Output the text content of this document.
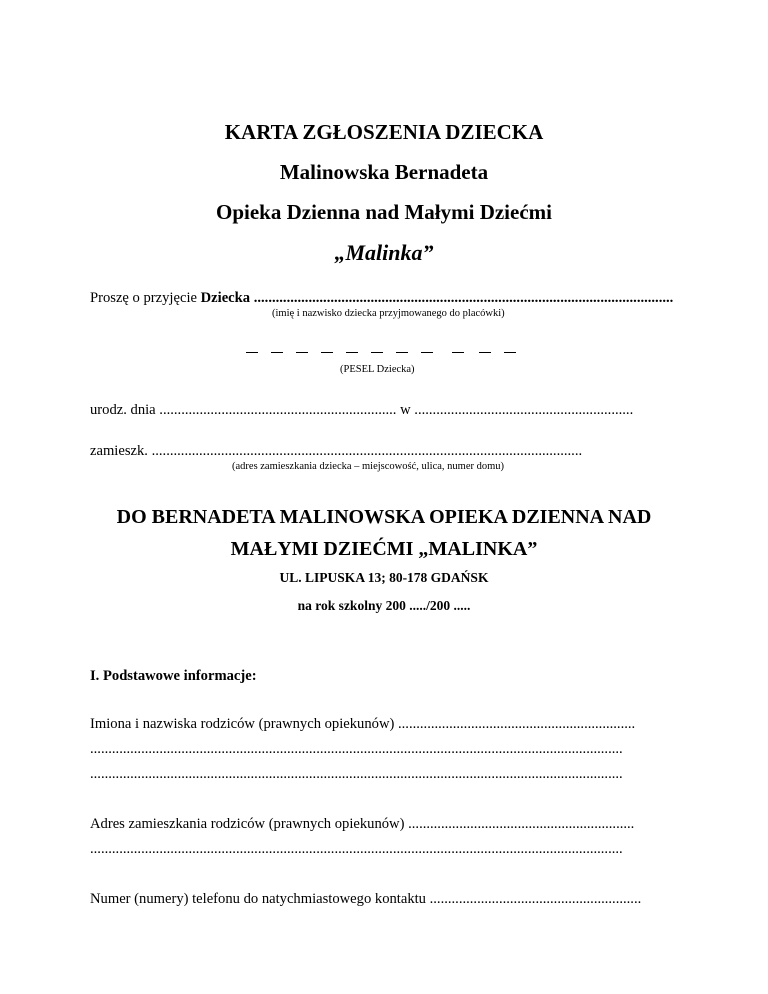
KARTA ZGŁOSZENIA DZIECKA
Malinowska Bernadeta
Opieka Dzienna nad Małymi Dziećmi
„Malinka”
Proszę o przyjęcie Dziecka ...................................................................................................................
(imię i nazwisko dziecka przyjmowanego do placówki)
(PESEL Dziecka)
urodz. dnia ................................................................. w ............................................................
zamieszk. ......................................................................................................................
(adres zamieszkania dziecka – miejscowość, ulica, numer domu)
DO BERNADETA MALINOWSKA OPIEKA DZIENNA NAD
MAŁYMI DZIEĆMI „MALINKA”
UL. LIPUSKA 13; 80-178 GDAŃSK
na rok szkolny 200 ...../200 .....
I. Podstawowe informacje:
Imiona i nazwiska rodziców (prawnych opiekunów) .................................................................
..................................................................................................................................................
..................................................................................................................................................
Adres zamieszkania rodziców (prawnych opiekunów) ..............................................................
..................................................................................................................................................
Numer (numery) telefonu do natychmiastowego kontaktu ..........................................................
